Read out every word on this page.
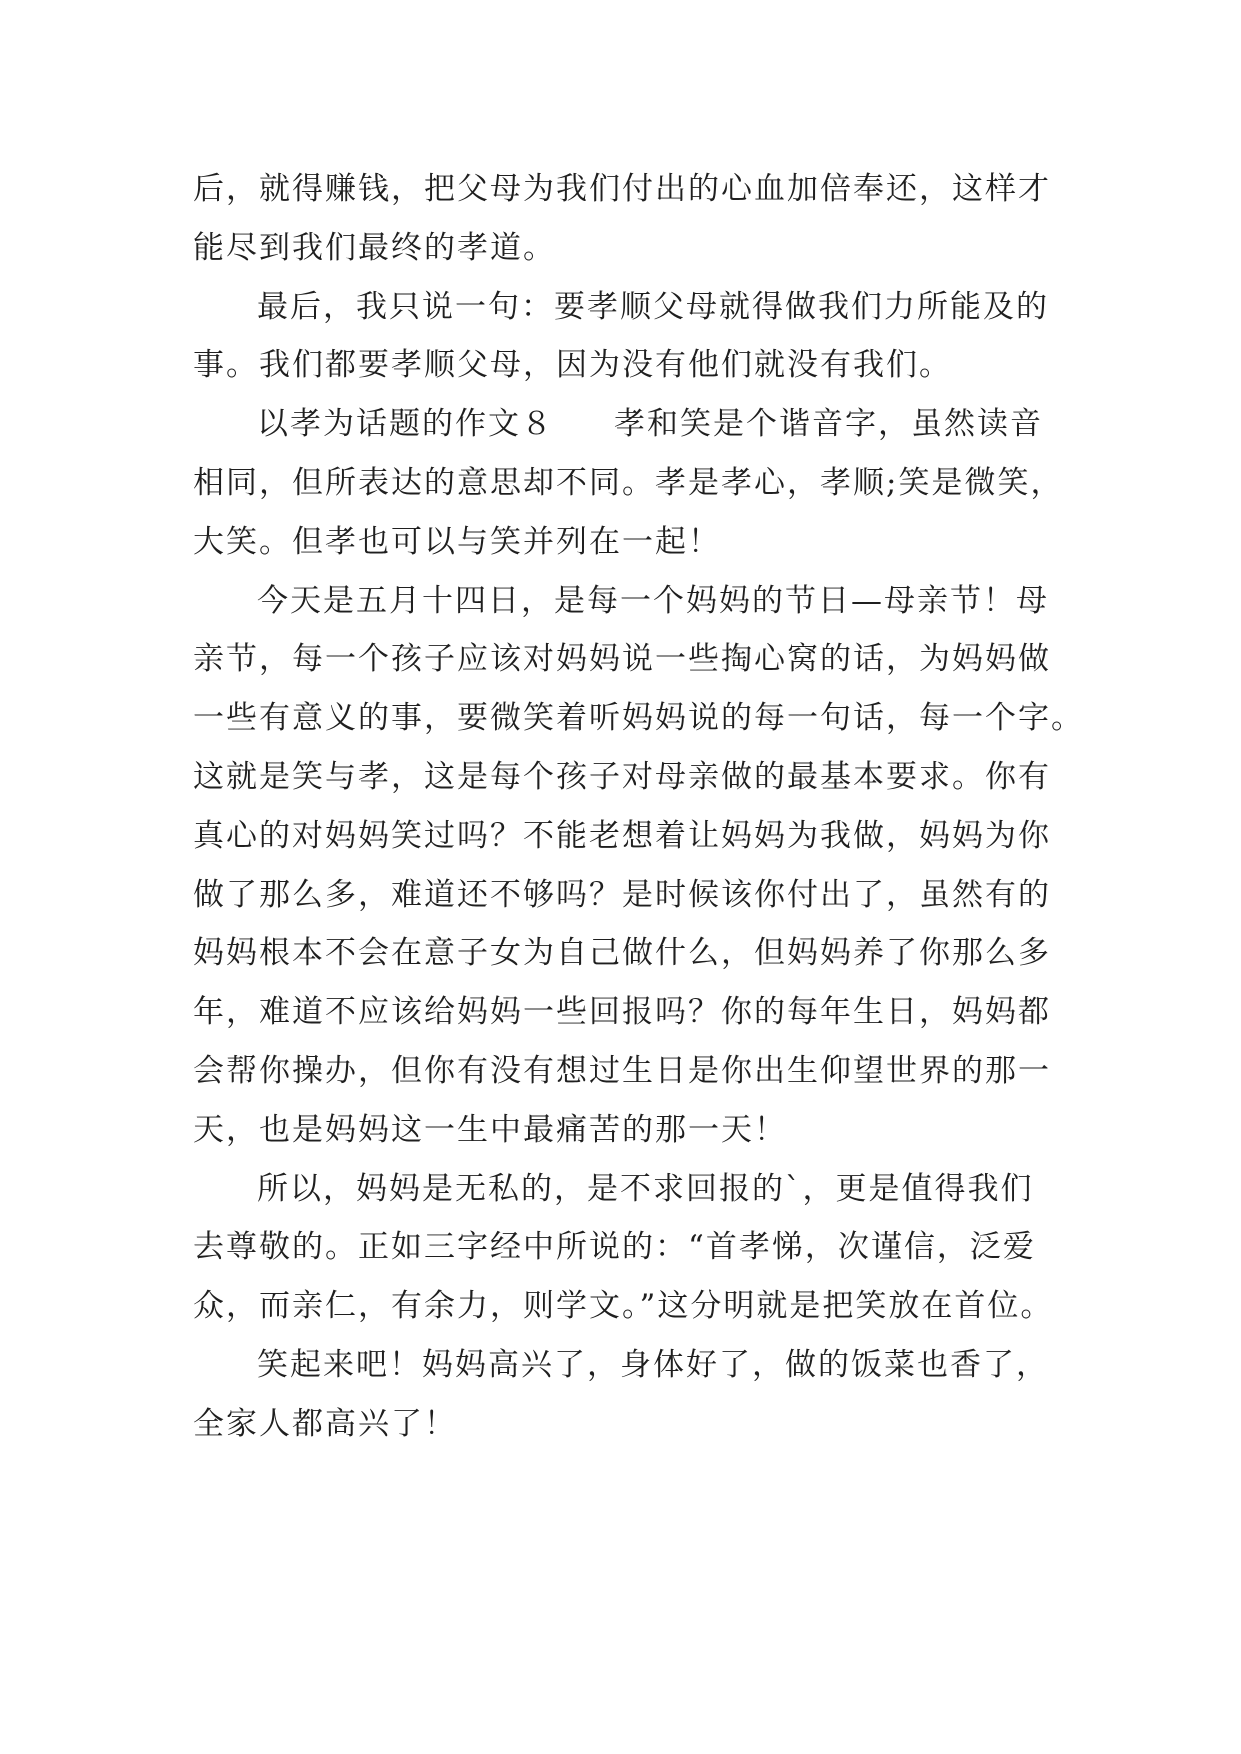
后，就得赚钱，把父母为我们付出的心血加倍奉还，这样才
能尽到我们最终的孝道。
最后，我只说一句：要孝顺父母就得做我们力所能及的
事。我们都要孝顺父母，因为没有他们就没有我们。
以孝为话题的作文８ 孝和笑是个谐音字，虽然读音
相同，但所表达的意思却不同。孝是孝心，孝顺;笑是微笑，
大笑。但孝也可以与笑并列在一起！
今天是五月十四日，是每一个妈妈的节日—母亲节！母
亲节，每一个孩子应该对妈妈说一些掏心窝的话，为妈妈做
一些有意义的事，要微笑着听妈妈说的每一句话，每一个字。
这就是笑与孝，这是每个孩子对母亲做的最基本要求。你有
真心的对妈妈笑过吗？不能老想着让妈妈为我做，妈妈为你
做了那么多，难道还不够吗？是时候该你付出了，虽然有的
妈妈根本不会在意子女为自己做什么，但妈妈养了你那么多
年，难道不应该给妈妈一些回报吗？你的每年生日，妈妈都
会帮你操办，但你有没有想过生日是你出生仰望世界的那一
天，也是妈妈这一生中最痛苦的那一天！
所以，妈妈是无私的，是不求回报的`，更是值得我们
去尊敬的。正如三字经中所说的：“首孝悌，次谨信，泛爱
众，而亲仁，有余力，则学文。”这分明就是把笑放在首位。
笑起来吧！妈妈高兴了，身体好了，做的饭菜也香了，
全家人都高兴了！
